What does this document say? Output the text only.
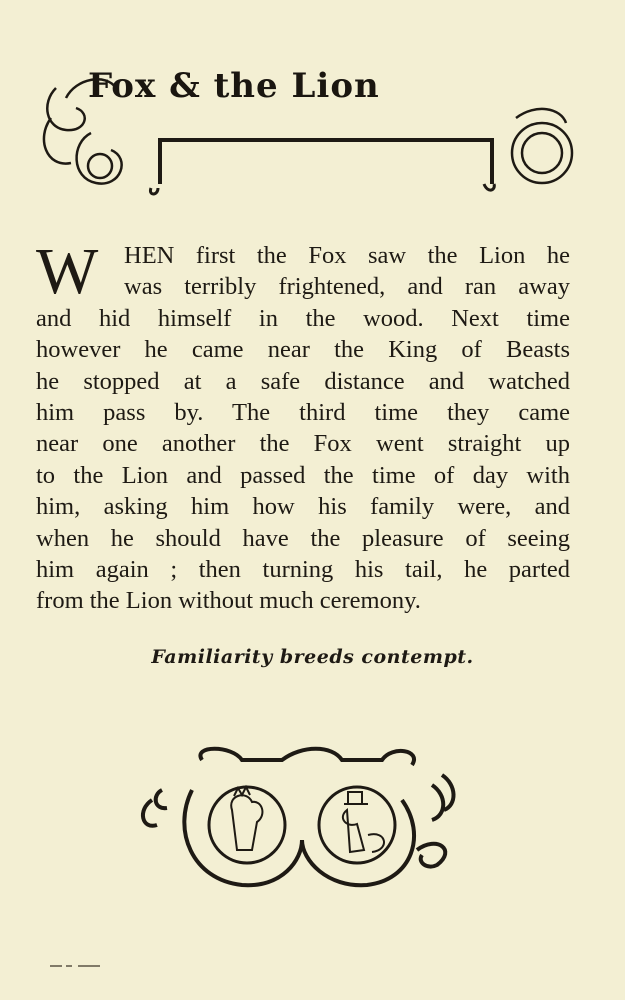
Fox & the Lion
W	HEN first the Fox saw the Lion he
was terribly frightened, and ran away
and hid himself in the wood. Next time
however he came near the King of Beasts
he stopped at a safe distance and watched
him pass by. The third time they came
near one another the Fox went straight up
to the Lion and passed the time of day with
him, asking him how his family were, and
when he should have the pleasure of seeing
him again ; then turning his tail, he parted
from the Lion without much ceremony.
Familiarity breeds contempt.
